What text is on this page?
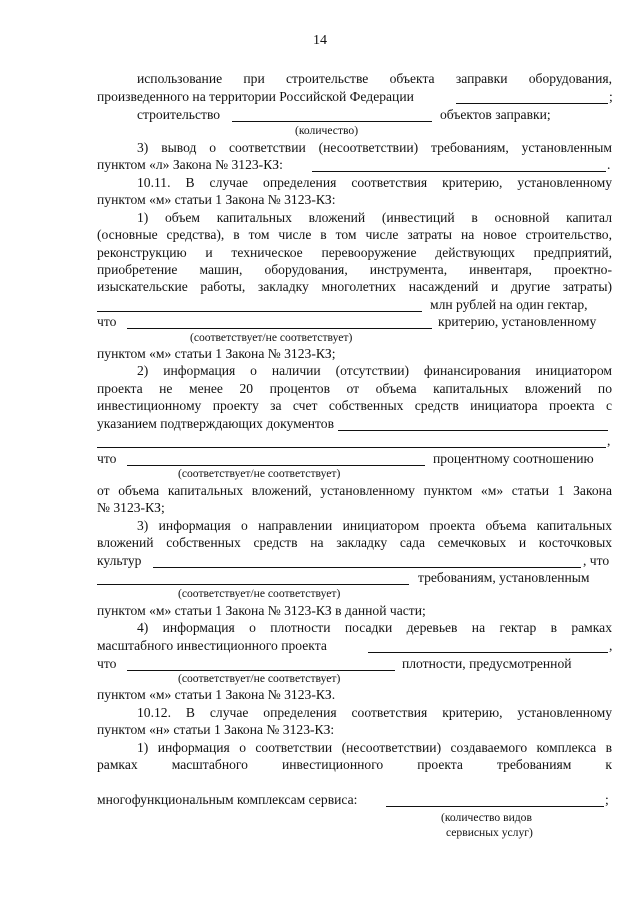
14
использование при строительстве объекта заправки оборудования,
произведенного на территории Российской Федерации	;
строительство	объектов заправки;
(количество)
3) вывод о соответствии (несоответствии) требованиям, установленным
пунктом «л» Закона № 3123-КЗ:	.
10.11. В случае определения соответствия критерию, установленному
пунктом «м» статьи 1 Закона № 3123-КЗ:
1) объем капитальных вложений (инвестиций в основной капитал
(основные средства), в том числе в том числе затраты на новое строительство,
реконструкцию и техническое перевооружение действующих предприятий,
приобретение машин, оборудования, инструмента, инвентаря, проектно-
изыскательские работы, закладку многолетних насаждений и другие затраты)
млн рублей на один гектар,
что	критерию, установленному
(соответствует/не соответствует)
пунктом «м» статьи 1 Закона № 3123-КЗ;
2) информация о наличии (отсутствии) финансирования инициатором
проекта не менее 20 процентов от объема капитальных вложений по
инвестиционному проекту за счет собственных средств инициатора проекта с
указанием подтверждающих документов
,
что	процентному соотношению
(соответствует/не соответствует)
от объема капитальных вложений, установленному пунктом «м» статьи 1 Закона
№ 3123-КЗ;
3) информация о направлении инициатором проекта объема капитальных
вложений собственных средств на закладку сада семечковых и косточковых
культур	, что
требованиям, установленным
(соответствует/не соответствует)
пунктом «м» статьи 1 Закона № 3123-КЗ в данной части;
4) информация о плотности посадки деревьев на гектар в рамках
масштабного инвестиционного проекта	,
что	плотности, предусмотренной
(соответствует/не соответствует)
пунктом «м» статьи 1 Закона № 3123-КЗ.
10.12. В случае определения соответствия критерию, установленному
пунктом «н» статьи 1 Закона № 3123-КЗ:
1) информация о соответствии (несоответствии) создаваемого комплекса в
рамках масштабного инвестиционного проекта требованиям к
многофункциональным комплексам сервиса:	;
(количество видов
сервисных услуг)
